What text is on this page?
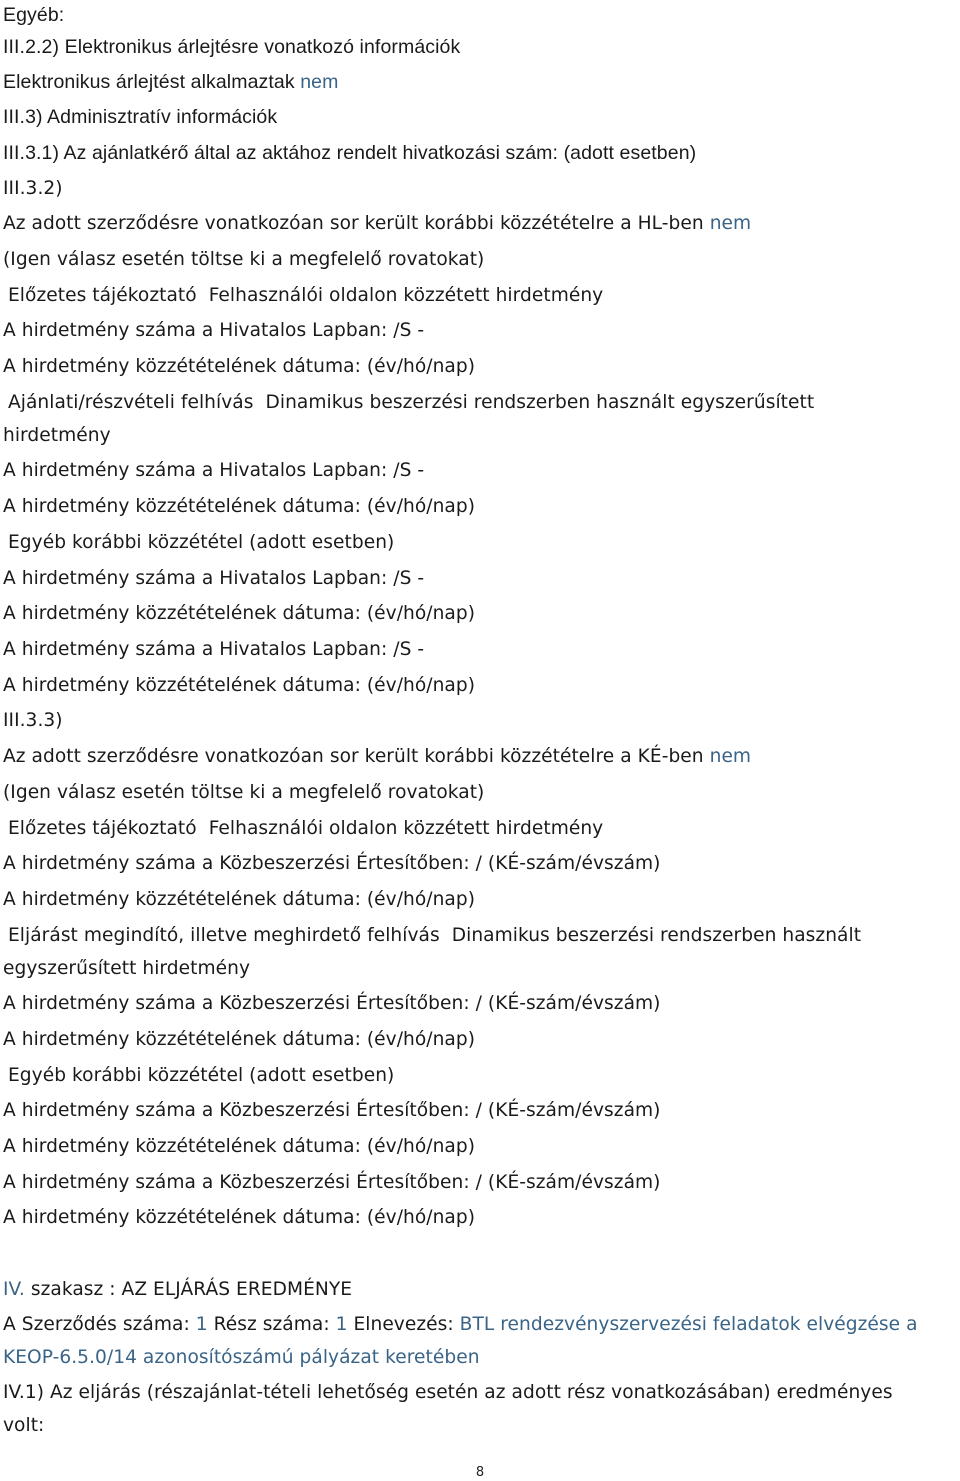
Egyéb:
III.2.2) Elektronikus árlejtésre vonatkozó információk
Elektronikus árlejtést alkalmaztak nem
III.3) Adminisztratív információk
III.3.1) Az ajánlatkérő által az aktához rendelt hivatkozási szám: (adott esetben)
III.3.2)
Az adott szerződésre vonatkozóan sor került korábbi közzétételre a HL-ben nem
(Igen válasz esetén töltse ki a megfelelő rovatokat)
Előzetes tájékoztató Felhasználói oldalon közzétett hirdetmény
A hirdetmény száma a Hivatalos Lapban: /S -
A hirdetmény közzétételének dátuma: (év/hó/nap)
Ajánlati/részvételi felhívás Dinamikus beszerzési rendszerben használt egyszerűsített
hirdetmény
A hirdetmény száma a Hivatalos Lapban: /S -
A hirdetmény közzétételének dátuma: (év/hó/nap)
Egyéb korábbi közzététel (adott esetben)
A hirdetmény száma a Hivatalos Lapban: /S -
A hirdetmény közzétételének dátuma: (év/hó/nap)
A hirdetmény száma a Hivatalos Lapban: /S -
A hirdetmény közzétételének dátuma: (év/hó/nap)
III.3.3)
Az adott szerződésre vonatkozóan sor került korábbi közzétételre a KÉ-ben nem
(Igen válasz esetén töltse ki a megfelelő rovatokat)
Előzetes tájékoztató Felhasználói oldalon közzétett hirdetmény
A hirdetmény száma a Közbeszerzési Értesítőben: / (KÉ-szám/évszám)
A hirdetmény közzétételének dátuma: (év/hó/nap)
Eljárást megindító, illetve meghirdető felhívás Dinamikus beszerzési rendszerben használt
egyszerűsített hirdetmény
A hirdetmény száma a Közbeszerzési Értesítőben: / (KÉ-szám/évszám)
A hirdetmény közzétételének dátuma: (év/hó/nap)
Egyéb korábbi közzététel (adott esetben)
A hirdetmény száma a Közbeszerzési Értesítőben: / (KÉ-szám/évszám)
A hirdetmény közzétételének dátuma: (év/hó/nap)
A hirdetmény száma a Közbeszerzési Értesítőben: / (KÉ-szám/évszám)
A hirdetmény közzétételének dátuma: (év/hó/nap)
IV. szakasz : AZ ELJÁRÁS EREDMÉNYE
A Szerződés száma: 1 Rész száma: 1 Elnevezés: BTL rendezvényszervezési feladatok elvégzése a
KEOP-6.5.0/14 azonosítószámú pályázat keretében
IV.1) Az eljárás (részajánlat-tételi lehetőség esetén az adott rész vonatkozásában) eredményes
volt:
8
